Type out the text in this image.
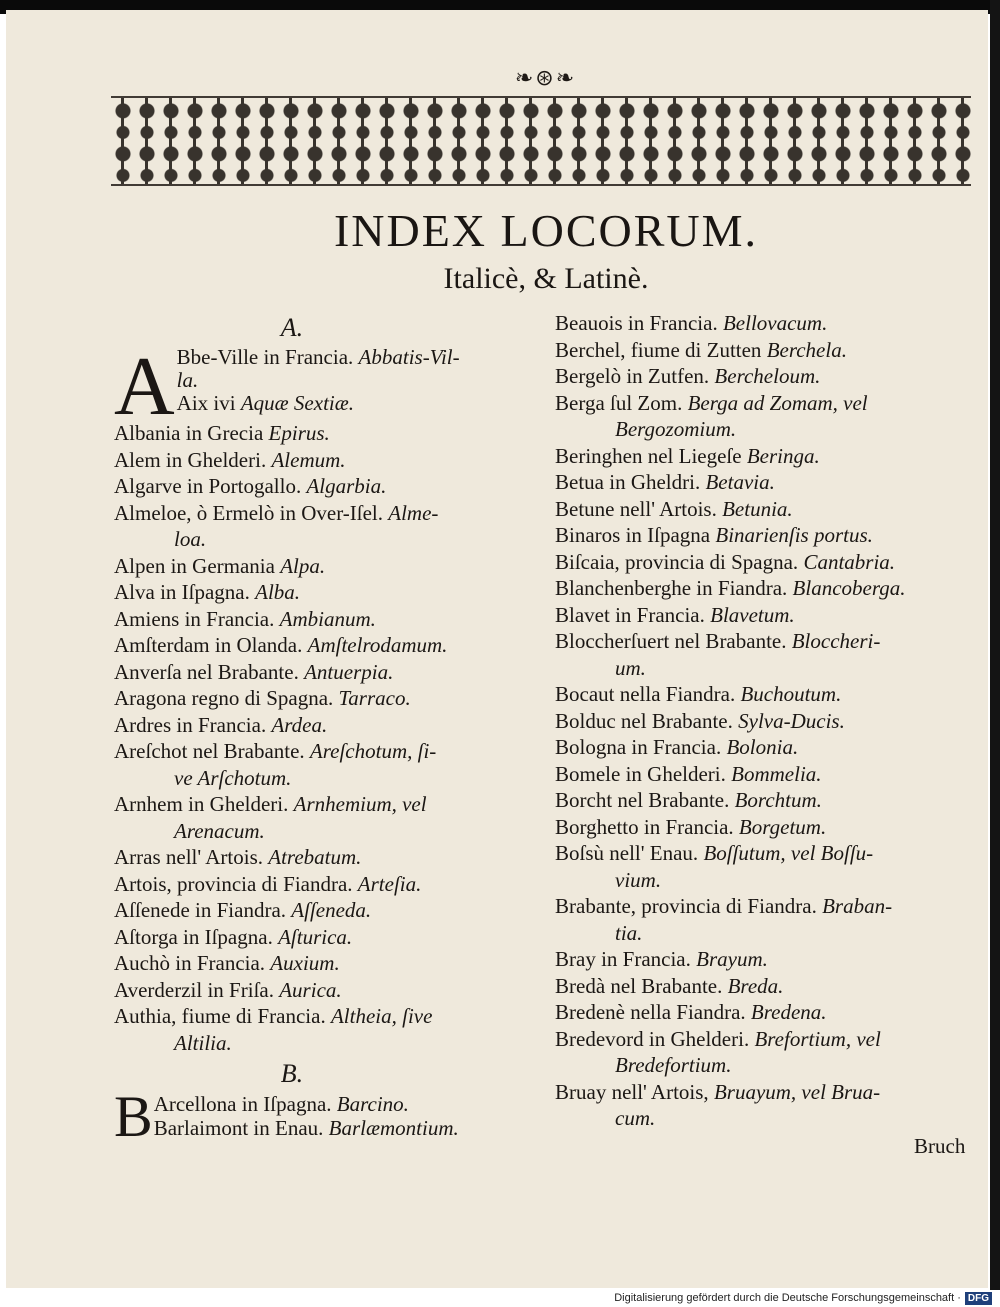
❧⊛❧
INDEX LOCORUM.
Italicè, & Latinè.
A.
A Bbe-Ville in Francia. Abbatis-Vil-
la.
Aix ivi Aquæ Sextiæ.
Albania in Grecia Epirus.
Alem in Ghelderi. Alemum.
Algarve in Portogallo. Algarbia.
Almeloe, ò Ermelò in Over-Iſel. Alme-
loa.
Alpen in Germania Alpa.
Alva in Iſpagna. Alba.
Amiens in Francia. Ambianum.
Amſterdam in Olanda. Amſtelrodamum.
Anverſa nel Brabante. Antuerpia.
Aragona regno di Spagna. Tarraco.
Ardres in Francia. Ardea.
Areſchot nel Brabante. Areſchotum, ſi-
ve Arſchotum.
Arnhem in Ghelderi. Arnhemium, vel
Arenacum.
Arras nell' Artois. Atrebatum.
Artois, provincia di Fiandra. Arteſia.
Aſſenede in Fiandra. Aſſeneda.
Aſtorga in Iſpagna. Aſturica.
Auchò in Francia. Auxium.
Averderzil in Friſa. Aurica.
Authia, fiume di Francia. Altheia, ſive
Altilia.
B.
B Arcellona in Iſpagna. Barcino.
Barlaimont in Enau. Barlæmontium.
Beauois in Francia. Bellovacum.
Berchel, fiume di Zutten Berchela.
Bergelò in Zutfen. Bercheloum.
Berga ſul Zom. Berga ad Zomam, vel
Bergozomium.
Beringhen nel Liegeſe Beringa.
Betua in Gheldri. Betavia.
Betune nell' Artois. Betunia.
Binaros in Iſpagna Binarienſis portus.
Biſcaia, provincia di Spagna. Cantabria.
Blanchenberghe in Fiandra. Blancoberga.
Blavet in Francia. Blavetum.
Bloccherſuert nel Brabante. Bloccheri-
um.
Bocaut nella Fiandra. Buchoutum.
Bolduc nel Brabante. Sylva-Ducis.
Bologna in Francia. Bolonia.
Bomele in Ghelderi. Bommelia.
Borcht nel Brabante. Borchtum.
Borghetto in Francia. Borgetum.
Boſsù nell' Enau. Boſſutum, vel Boſſu-
vium.
Brabante, provincia di Fiandra. Braban-
tia.
Bray in Francia. Brayum.
Bredà nel Brabante. Breda.
Bredenè nella Fiandra. Bredena.
Bredevord in Ghelderi. Brefortium, vel
Bredefortium.
Bruay nell' Artois, Bruayum, vel Brua-
cum.
Bruch
Digitalisierung gefördert durch die Deutsche Forschungsgemeinschaft · DFG
